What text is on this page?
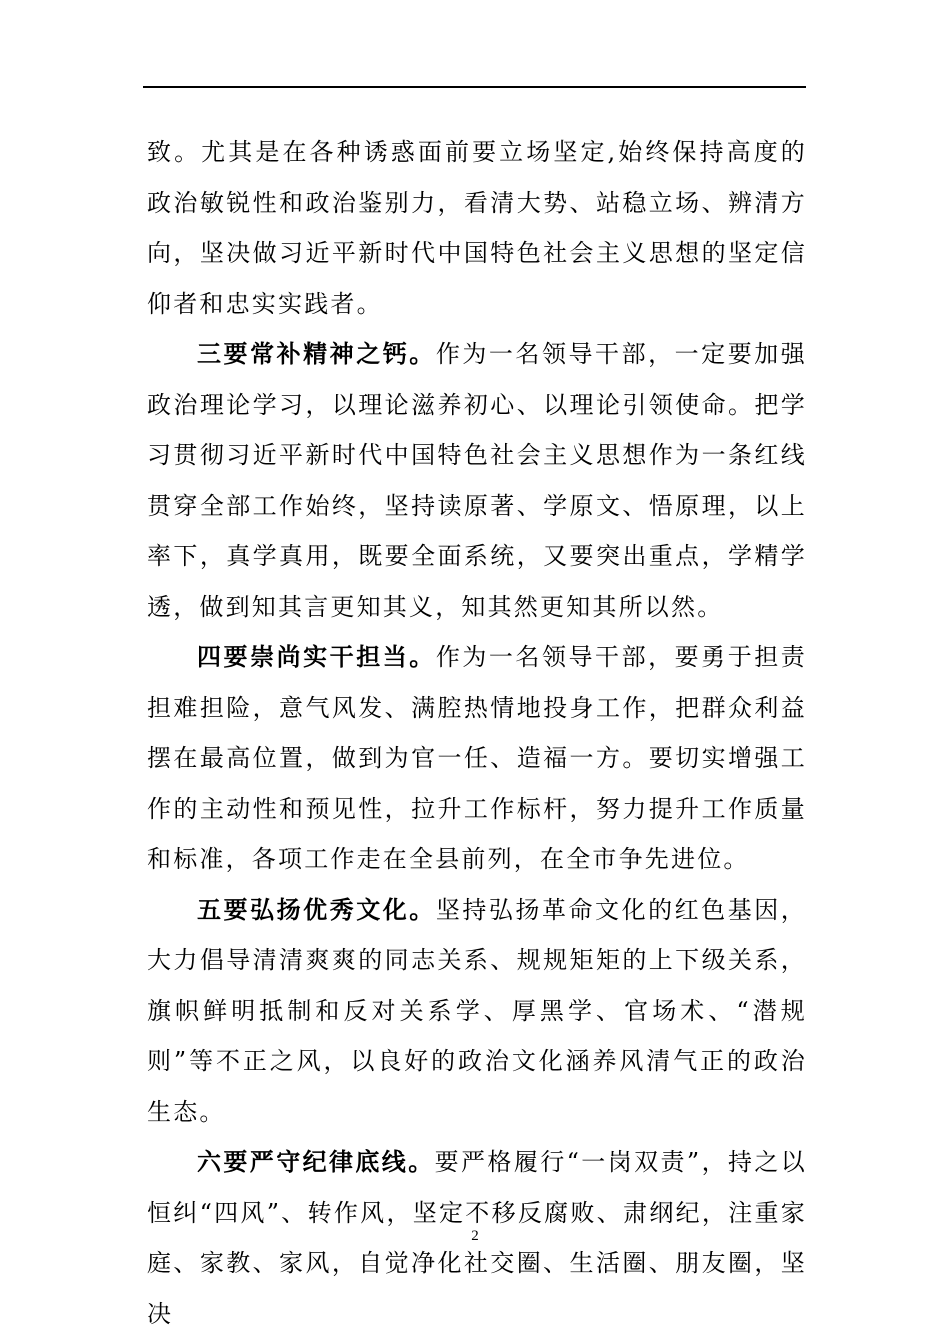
致。尤其是在各种诱惑面前要立场坚定,始终保持高度的政治敏锐性和政治鉴别力，看清大势、站稳立场、辨清方向，坚决做习近平新时代中国特色社会主义思想的坚定信仰者和忠实实践者。

三要常补精神之钙。作为一名领导干部，一定要加强政治理论学习，以理论滋养初心、以理论引领使命。把学习贯彻习近平新时代中国特色社会主义思想作为一条红线贯穿全部工作始终，坚持读原著、学原文、悟原理，以上率下，真学真用，既要全面系统，又要突出重点，学精学透，做到知其言更知其义，知其然更知其所以然。

四要崇尚实干担当。作为一名领导干部，要勇于担责担难担险，意气风发、满腔热情地投身工作，把群众利益摆在最高位置，做到为官一任、造福一方。要切实增强工作的主动性和预见性，拉升工作标杆，努力提升工作质量和标准，各项工作走在全县前列，在全市争先进位。

五要弘扬优秀文化。坚持弘扬革命文化的红色基因，大力倡导清清爽爽的同志关系、规规矩矩的上下级关系，旗帜鲜明抵制和反对关系学、厚黑学、官场术、“潜规则”等不正之风，以良好的政治文化涵养风清气正的政治生态。

六要严守纪律底线。要严格履行“一岗双责”，持之以恒纠“四风”、转作风，坚定不移反腐败、肃纲纪，注重家庭、家教、家风，自觉净化社交圈、生活圈、朋友圈，坚决

2
